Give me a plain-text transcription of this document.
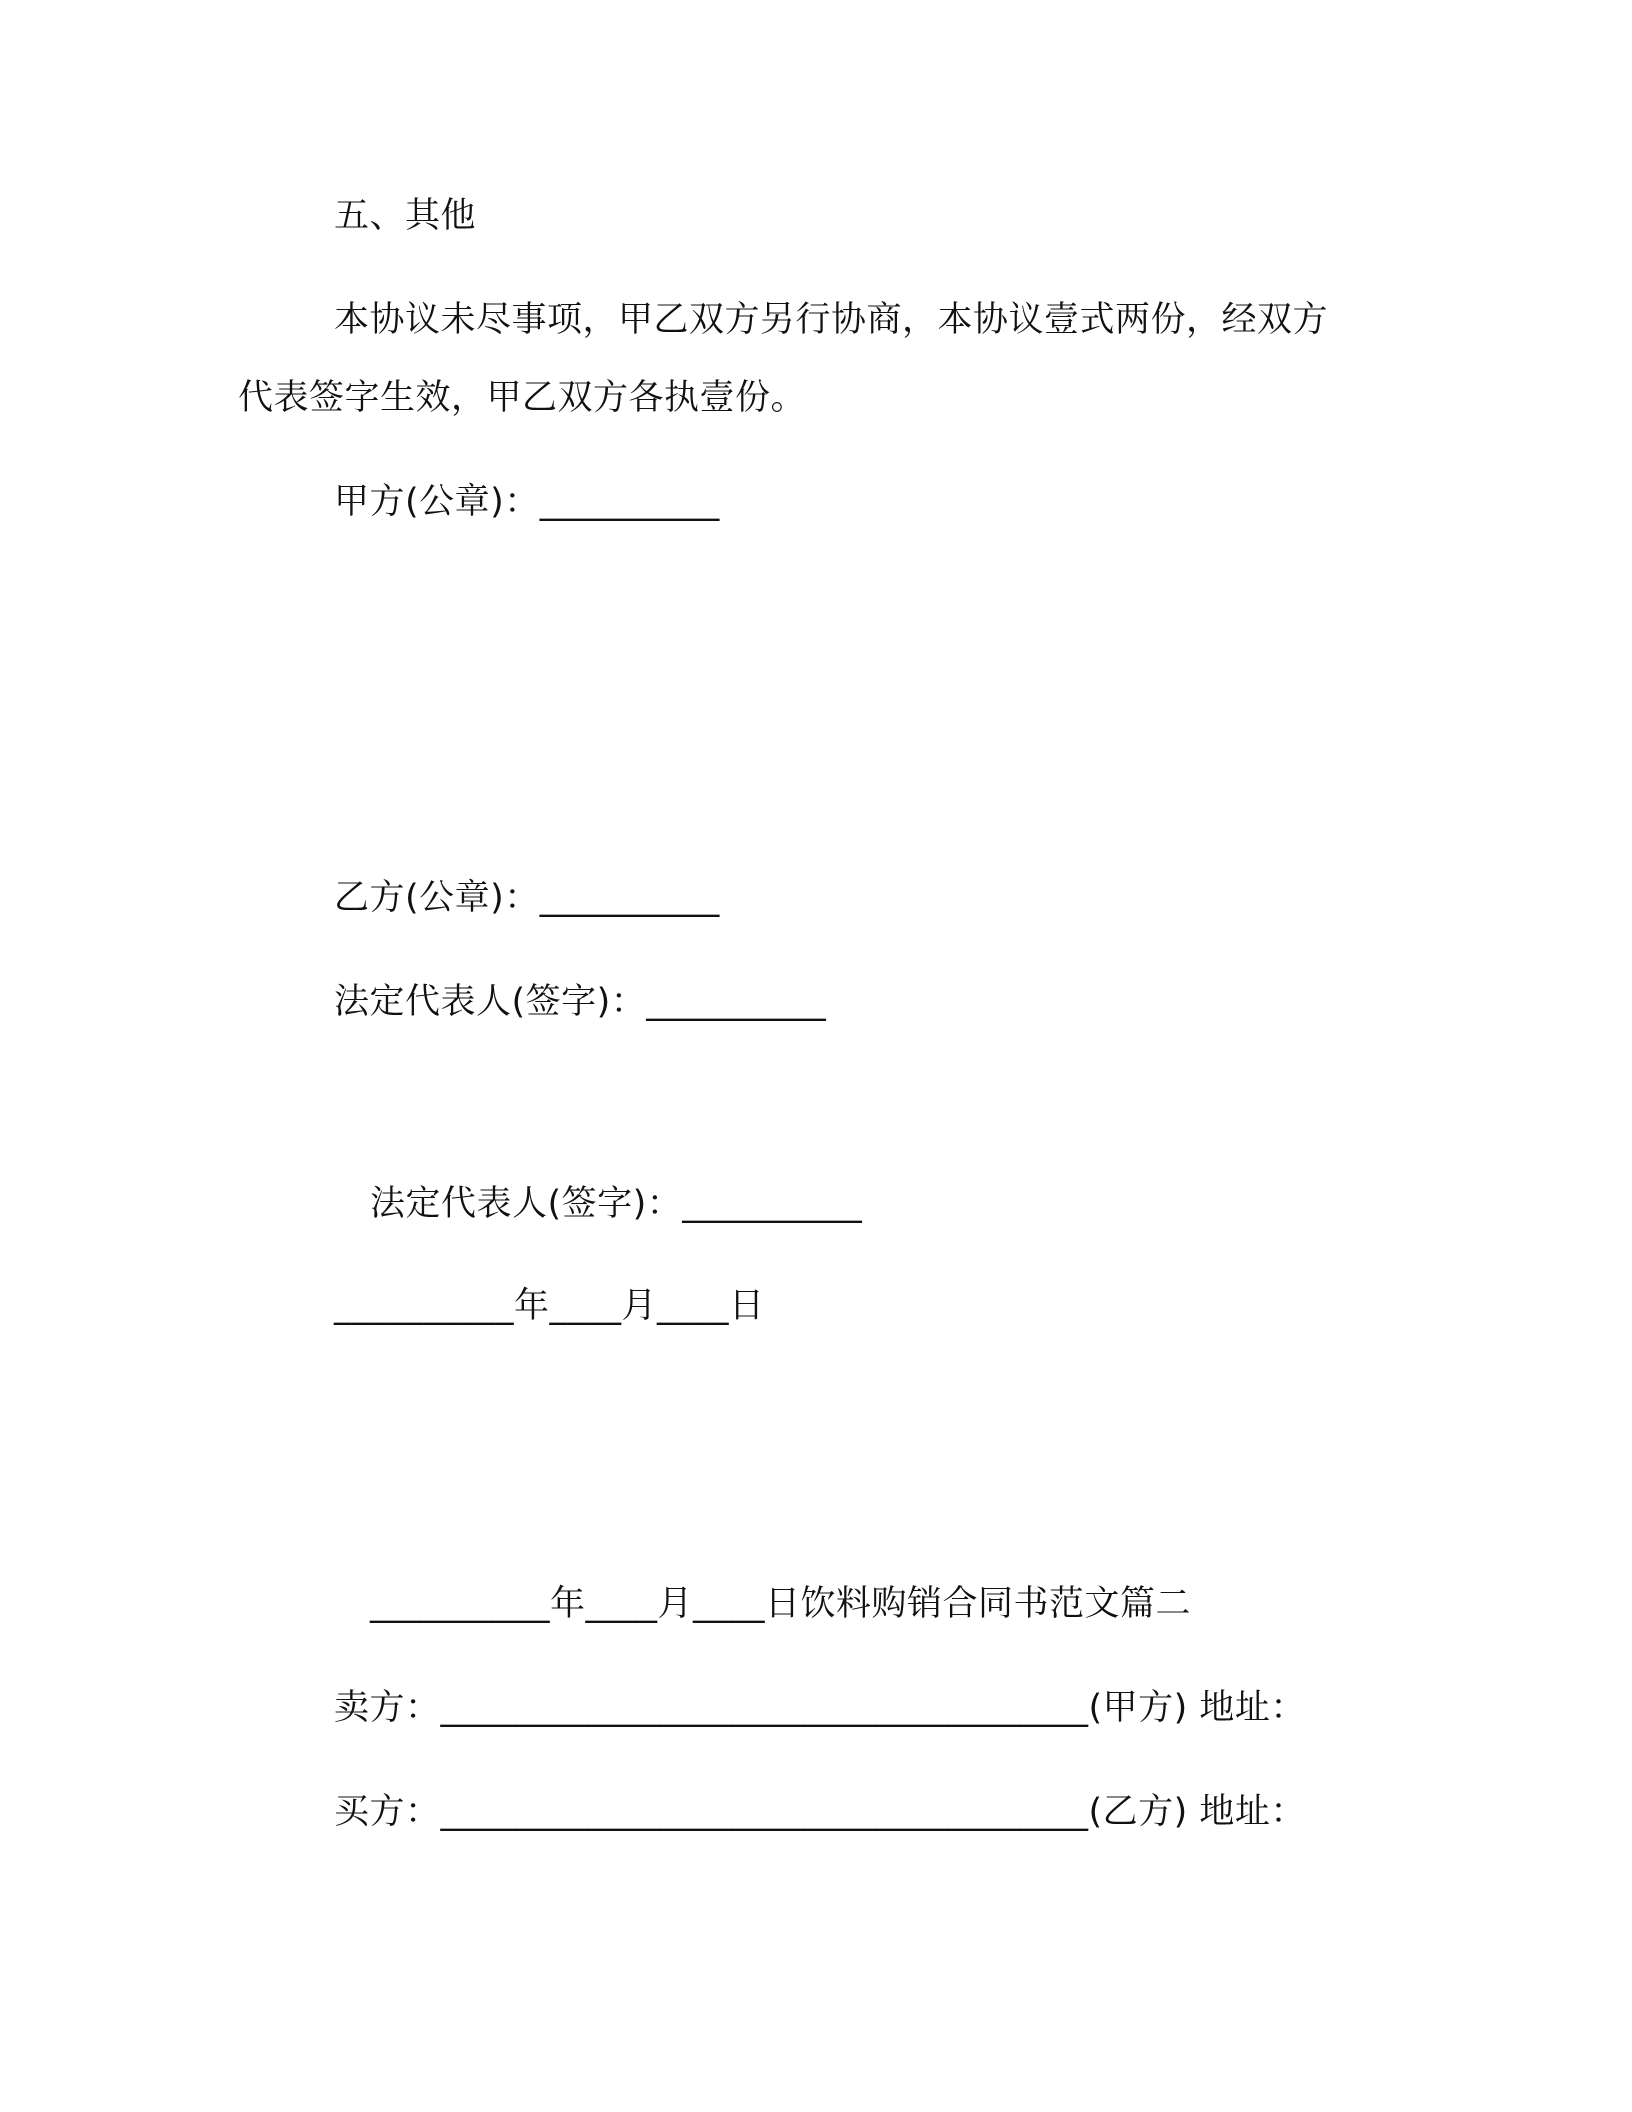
五、其他
本协议未尽事项，甲乙双方另行协商，本协议壹式两份，经双方
代表签字生效，甲乙双方各执壹份。
甲方(公章)：__________
乙方(公章)：__________
法定代表人(签字)：__________
法定代表人(签字)：__________
__________年____月____日
__________年____月____日饮料购销合同书范文篇二
卖方：____________________________________(甲方) 地址：
买方：____________________________________(乙方) 地址：
